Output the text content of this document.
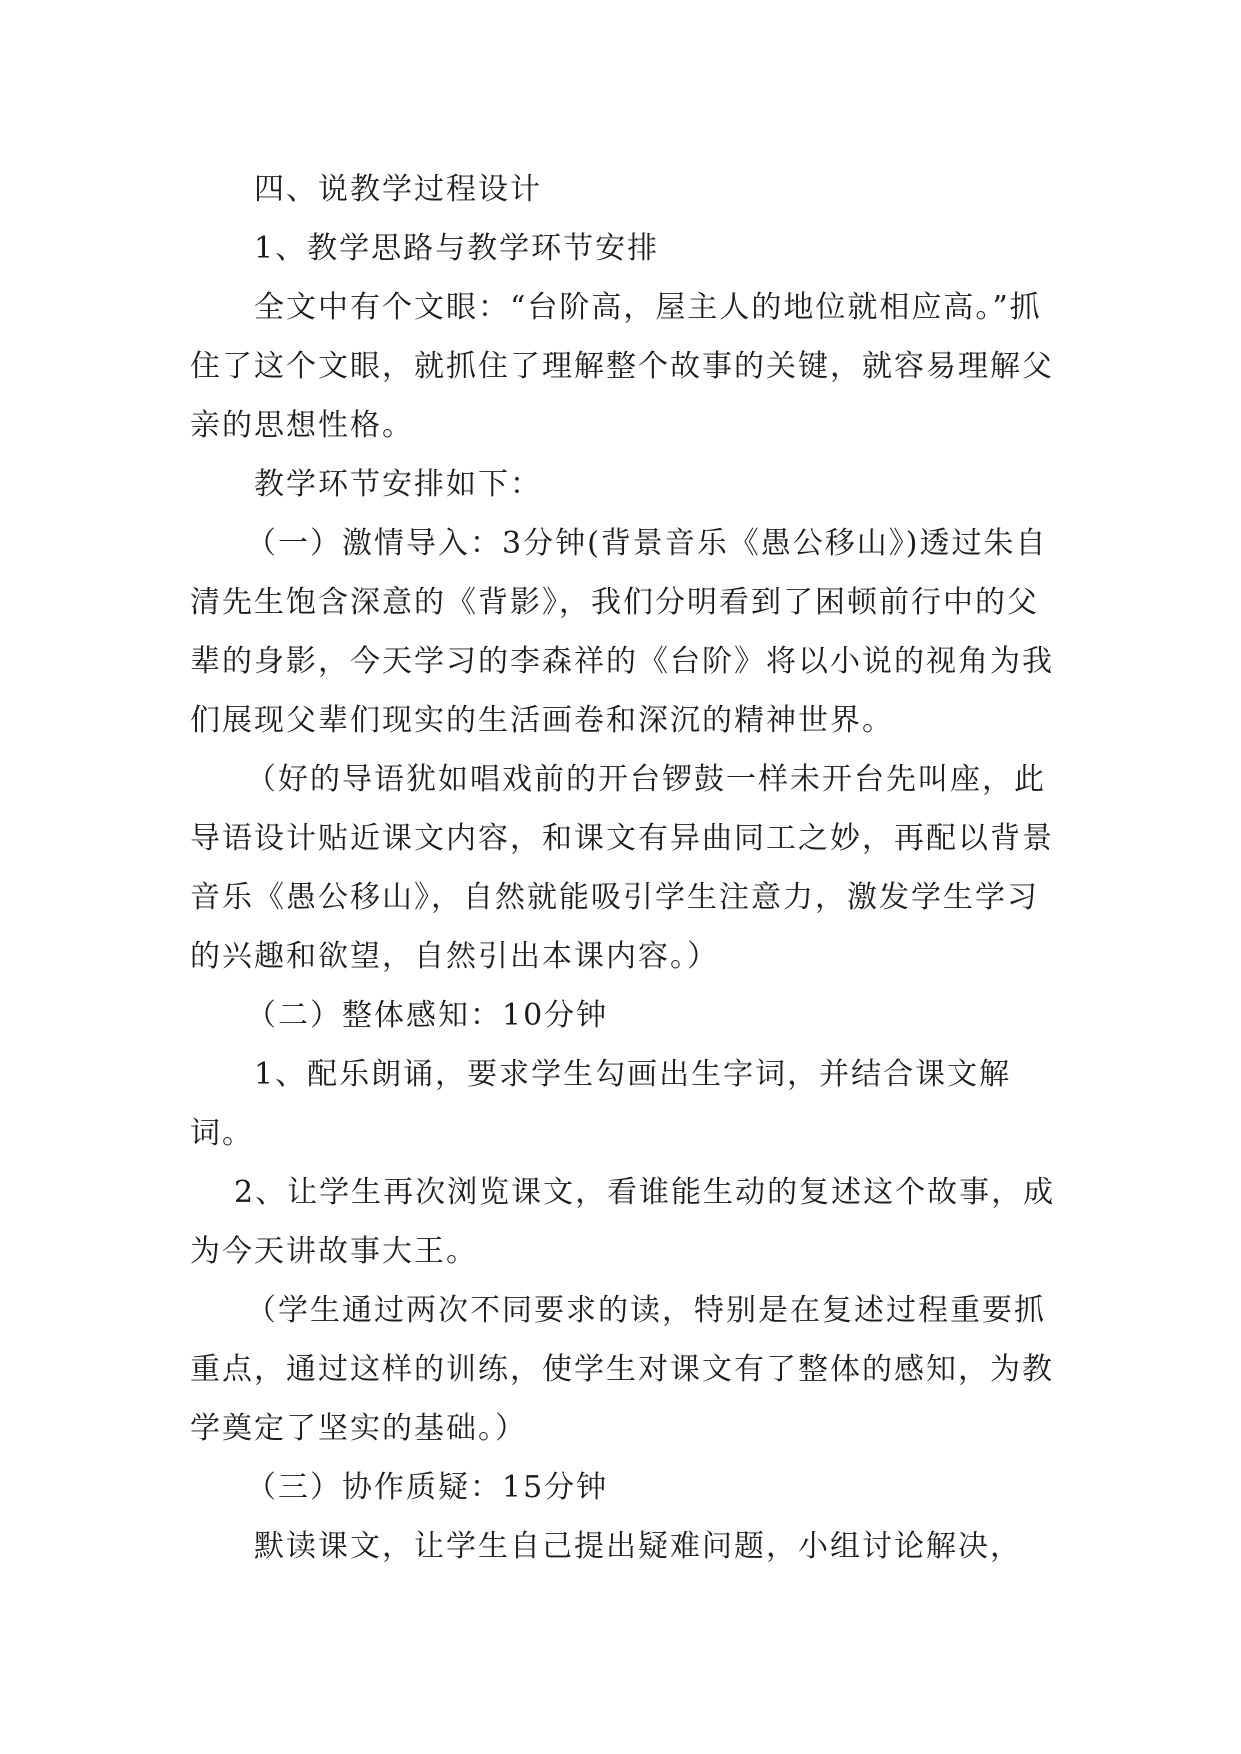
四、说教学过程设计

1、教学思路与教学环节安排

全文中有个文眼：“台阶高，屋主人的地位就相应高。”抓住了这个文眼，就抓住了理解整个故事的关键，就容易理解父亲的思想性格。

教学环节安排如下：

（一）激情导入：3分钟(背景音乐《愚公移山》)透过朱自清先生饱含深意的《背影》，我们分明看到了困顿前行中的父辈的身影，今天学习的李森祥的《台阶》将以小说的视角为我们展现父辈们现实的生活画卷和深沉的精神世界。

（好的导语犹如唱戏前的开台锣鼓一样未开台先叫座，此导语设计贴近课文内容，和课文有异曲同工之妙，再配以背景音乐《愚公移山》，自然就能吸引学生注意力，激发学生学习的兴趣和欲望，自然引出本课内容。）

（二）整体感知：10分钟

1、配乐朗诵，要求学生勾画出生字词，并结合课文解词。

2、让学生再次浏览课文，看谁能生动的复述这个故事，成为今天讲故事大王。

（学生通过两次不同要求的读，特别是在复述过程重要抓重点，通过这样的训练，使学生对课文有了整体的感知，为教学奠定了坚实的基础。）

（三）协作质疑：15分钟

默读课文，让学生自己提出疑难问题，小组讨论解决，
